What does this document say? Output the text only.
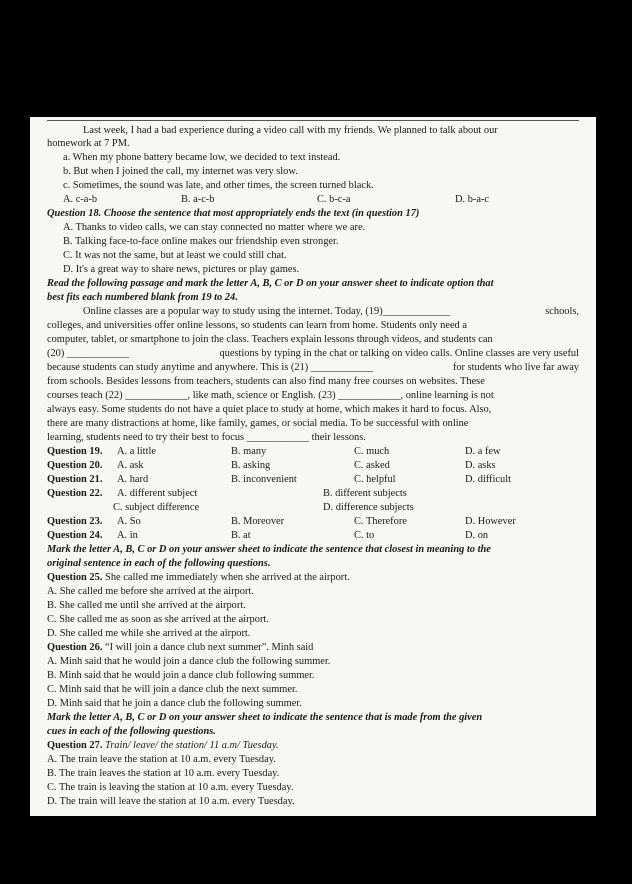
Last week, I had a bad experience during a video call with my friends. We planned to talk about our
homework at 7 PM.
a. When my phone battery became low, we decided to text instead.
b. But when I joined the call, my internet was very slow.
c. Sometimes, the sound was late, and other times, the screen turned black.
A. c-a-b	B. a-c-b	C. b-c-a	D. b-a-c
Question 18. Choose the sentence that most appropriately ends the text (in question 17)
A. Thanks to video calls, we can stay connected no matter where we are.
B. Talking face-to-face online makes our friendship even stronger.
C. It was not the same, but at least we could still chat.
D. It's a great way to share news, pictures or play games.
Read the following passage and mark the letter A, B, C or D on your answer sheet to indicate option that
best fits each numbered blank from 19 to 24.
Online classes are a popular way to study using the internet. Today, (19)_____________	schools,
colleges, and universities offer online lessons, so students can learn from home. Students only need a
computer, tablet, or smartphone to join the class. Teachers explain lessons through videos, and students can
(20) ____________	questions by typing in the chat or talking on video calls. Online classes are very useful
because students can study anytime and anywhere. This is (21) ____________	for students who live far away
from schools. Besides lessons from teachers, students can also find many free courses on websites. These
courses teach (22) ____________, like math, science or English. (23) ____________, online learning is not
always easy. Some students do not have a quiet place to study at home, which makes it hard to focus. Also,
there are many distractions at home, like family, games, or social media. To be successful with online
learning, students need to try their best to focus ____________ their lessons.
Question 19. A. a little	B. many	C. much	D. a few
Question 20. A. ask	B. asking	C. asked	D. asks
Question 21. A. hard	B. inconvenient	C. helpful	D. difficult
Question 22. A. different subject	B. different subjects
C. subject difference	D. difference subjects
Question 23. A. So	B. Moreover	C. Therefore	D. However
Question 24. A. in	B. at	C. to	D. on
Mark the letter A, B, C or D on your answer sheet to indicate the sentence that closest in meaning to the
original sentence in each of the following questions.
Question 25. She called me immediately when she arrived at the airport.
A. She called me before she arrived at the airport.
B. She called me until she arrived at the airport.
C. She called me as soon as she arrived at the airport.
D. She called me while she arrived at the airport.
Question 26. “I will join a dance club next summer”. Minh said
A. Minh said that he would join a dance club the following summer.
B. Minh said that he would join a dance club following summer.
C. Minh said that he will join a dance club the next summer.
D. Minh said that he join a dance club the following summer.
Mark the letter A, B, C or D on your answer sheet to indicate the sentence that is made from the given
cues in each of the following questions.
Question 27. Train/ leave/ the station/ 11 a.m/ Tuesday.
A. The train leave the station at 10 a.m. every Tuesday.
B. The train leaves the station at 10 a.m. every Tuesday.
C. The train is leaving the station at 10 a.m. every Tuesday.
D. The train will leave the station at 10 a.m. every Tuesday.
